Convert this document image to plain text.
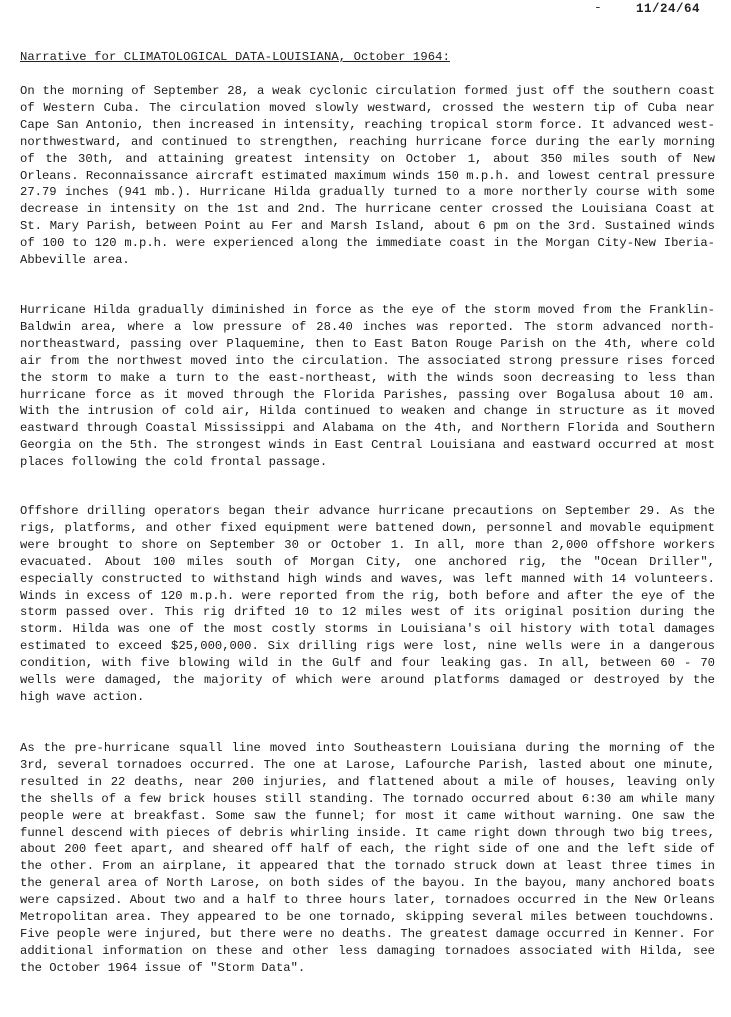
-	11/24/64
Narrative for CLIMATOLOGICAL DATA-LOUISIANA, October 1964:
On the morning of September 28, a weak cyclonic circulation formed just off the southern coast of Western Cuba. The circulation moved slowly westward, crossed the western tip of Cuba near Cape San Antonio, then increased in intensity, reaching tropical storm force. It advanced west-northwestward, and continued to strengthen, reaching hurricane force during the early morning of the 30th, and attaining greatest intensity on October 1, about 350 miles south of New Orleans. Reconnaissance aircraft estimated maximum winds 150 m.p.h. and lowest central pressure 27.79 inches (941 mb.). Hurricane Hilda gradually turned to a more northerly course with some decrease in intensity on the 1st and 2nd. The hurricane center crossed the Louisiana Coast at St. Mary Parish, between Point au Fer and Marsh Island, about 6 pm on the 3rd. Sustained winds of 100 to 120 m.p.h. were experienced along the immediate coast in the Morgan City-New Iberia-Abbeville area.
Hurricane Hilda gradually diminished in force as the eye of the storm moved from the Franklin-Baldwin area, where a low pressure of 28.40 inches was reported. The storm advanced north-northeastward, passing over Plaquemine, then to East Baton Rouge Parish on the 4th, where cold air from the northwest moved into the circulation. The associated strong pressure rises forced the storm to make a turn to the east-northeast, with the winds soon decreasing to less than hurricane force as it moved through the Florida Parishes, passing over Bogalusa about 10 am. With the intrusion of cold air, Hilda continued to weaken and change in structure as it moved eastward through Coastal Mississippi and Alabama on the 4th, and Northern Florida and Southern Georgia on the 5th. The strongest winds in East Central Louisiana and eastward occurred at most places following the cold frontal passage.
Offshore drilling operators began their advance hurricane precautions on September 29. As the rigs, platforms, and other fixed equipment were battened down, personnel and movable equipment were brought to shore on September 30 or October 1. In all, more than 2,000 offshore workers evacuated. About 100 miles south of Morgan City, one anchored rig, the "Ocean Driller", especially constructed to withstand high winds and waves, was left manned with 14 volunteers. Winds in excess of 120 m.p.h. were reported from the rig, both before and after the eye of the storm passed over. This rig drifted 10 to 12 miles west of its original position during the storm. Hilda was one of the most costly storms in Louisiana's oil history with total damages estimated to exceed $25,000,000. Six drilling rigs were lost, nine wells were in a dangerous condition, with five blowing wild in the Gulf and four leaking gas. In all, between 60 - 70 wells were damaged, the majority of which were around platforms damaged or destroyed by the high wave action.
As the pre-hurricane squall line moved into Southeastern Louisiana during the morning of the 3rd, several tornadoes occurred. The one at Larose, Lafourche Parish, lasted about one minute, resulted in 22 deaths, near 200 injuries, and flattened about a mile of houses, leaving only the shells of a few brick houses still standing. The tornado occurred about 6:30 am while many people were at breakfast. Some saw the funnel; for most it came without warning. One saw the funnel descend with pieces of debris whirling inside. It came right down through two big trees, about 200 feet apart, and sheared off half of each, the right side of one and the left side of the other. From an airplane, it appeared that the tornado struck down at least three times in the general area of North Larose, on both sides of the bayou. In the bayou, many anchored boats were capsized. About two and a half to three hours later, tornadoes occurred in the New Orleans Metropolitan area. They appeared to be one tornado, skipping several miles between touchdowns. Five people were injured, but there were no deaths. The greatest damage occurred in Kenner. For additional information on these and other less damaging tornadoes associated with Hilda, see the October 1964 issue of "Storm Data".
